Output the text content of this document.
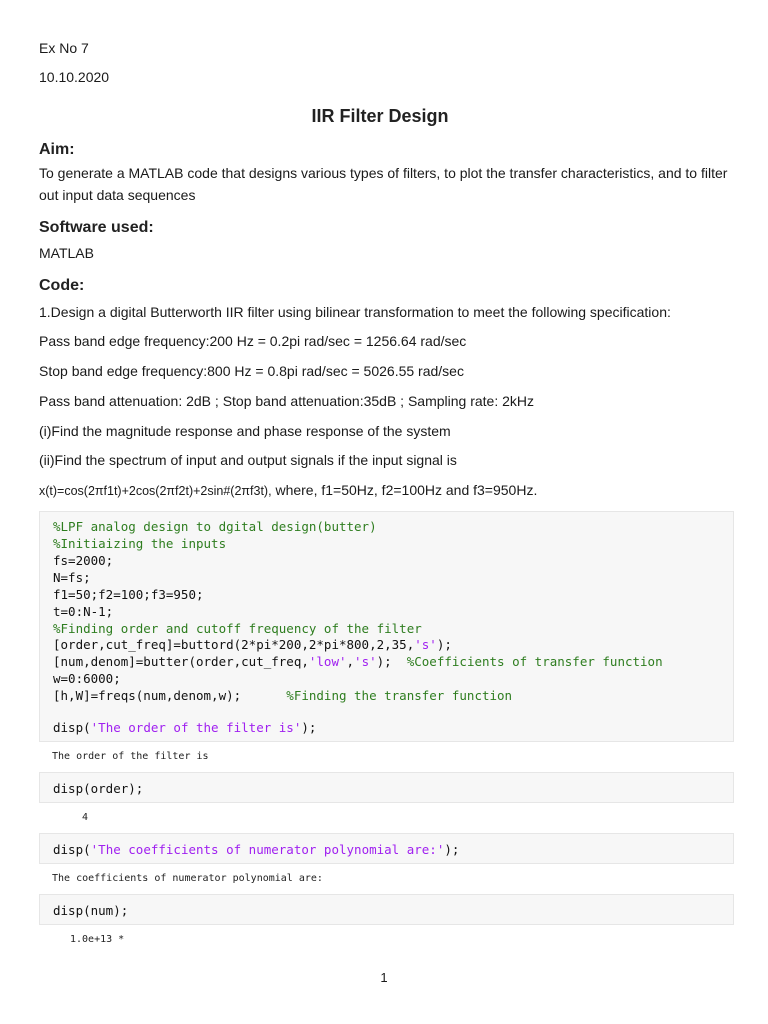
Ex No 7
10.10.2020
IIR Filter Design
Aim:
To generate a MATLAB code that designs various types of filters, to plot the transfer characteristics, and to filter out input data sequences
Software used:
MATLAB
Code:
1.Design a digital Butterworth IIR filter using bilinear transformation to meet the following specification:
Pass band edge frequency:200 Hz = 0.2pi rad/sec = 1256.64 rad/sec
Stop band edge frequency:800 Hz = 0.8pi rad/sec = 5026.55 rad/sec
Pass band attenuation: 2dB ; Stop band attenuation:35dB ; Sampling rate: 2kHz
(i)Find the magnitude response and phase response of the system
(ii)Find the spectrum of input and output signals if the input signal is
x(t)=cos(2πf1t)+2cos(2πf2t)+2sin#(2πf3t), where, f1=50Hz, f2=100Hz and f3=950Hz.
%LPF analog design to dgital design(butter)
%Initiaizing the inputs
fs=2000;
N=fs;
f1=50;f2=100;f3=950;
t=0:N-1;
%Finding order and cutoff frequency of the filter
[order,cut_freq]=buttord(2*pi*200,2*pi*800,2,35,'s');
[num,denom]=butter(order,cut_freq,'low','s');  %Coefficients of transfer function
w=0:6000;
[h,W]=freqs(num,denom,w);      %Finding the transfer function
disp('The order of the filter is');
The order of the filter is
disp(order);
4
disp('The coefficients of numerator polynomial are:');
The coefficients of numerator polynomial are:
disp(num);
1.0e+13 *
1
